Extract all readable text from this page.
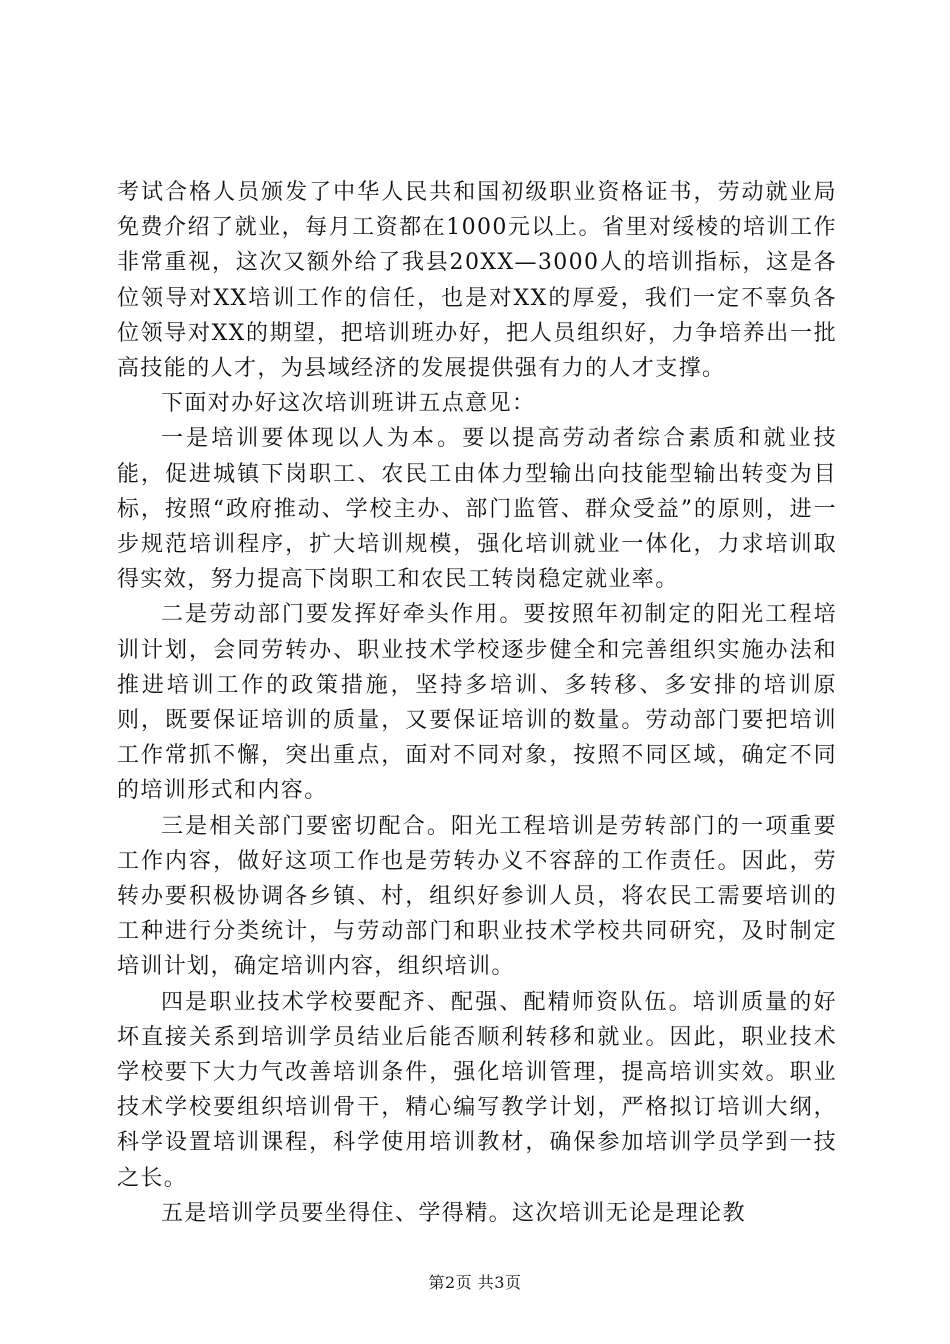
考试合格人员颁发了中华人民共和国初级职业资格证书，劳动就业局免费介绍了就业，每月工资都在1000元以上。省里对绥棱的培训工作非常重视，这次又额外给了我县20XX—3000人的培训指标，这是各位领导对XX培训工作的信任，也是对XX的厚爱，我们一定不辜负各位领导对XX的期望，把培训班办好，把人员组织好，力争培养出一批高技能的人才，为县域经济的发展提供强有力的人才支撑。

下面对办好这次培训班讲五点意见：

一是培训要体现以人为本。要以提高劳动者综合素质和就业技能，促进城镇下岗职工、农民工由体力型输出向技能型输出转变为目标，按照“政府推动、学校主办、部门监管、群众受益”的原则，进一步规范培训程序，扩大培训规模，强化培训就业一体化，力求培训取得实效，努力提高下岗职工和农民工转岗稳定就业率。

二是劳动部门要发挥好牵头作用。要按照年初制定的阳光工程培训计划，会同劳转办、职业技术学校逐步健全和完善组织实施办法和推进培训工作的政策措施，坚持多培训、多转移、多安排的培训原则，既要保证培训的质量，又要保证培训的数量。劳动部门要把培训工作常抓不懈，突出重点，面对不同对象，按照不同区域，确定不同的培训形式和内容。

三是相关部门要密切配合。阳光工程培训是劳转部门的一项重要工作内容，做好这项工作也是劳转办义不容辞的工作责任。因此，劳转办要积极协调各乡镇、村，组织好参训人员，将农民工需要培训的工种进行分类统计，与劳动部门和职业技术学校共同研究，及时制定培训计划，确定培训内容，组织培训。

四是职业技术学校要配齐、配强、配精师资队伍。培训质量的好坏直接关系到培训学员结业后能否顺利转移和就业。因此，职业技术学校要下大力气改善培训条件，强化培训管理，提高培训实效。职业技术学校要组织培训骨干，精心编写教学计划，严格拟订培训大纲，科学设置培训课程，科学使用培训教材，确保参加培训学员学到一技之长。

五是培训学员要坐得住、学得精。这次培训无论是理论教

第2页 共3页
